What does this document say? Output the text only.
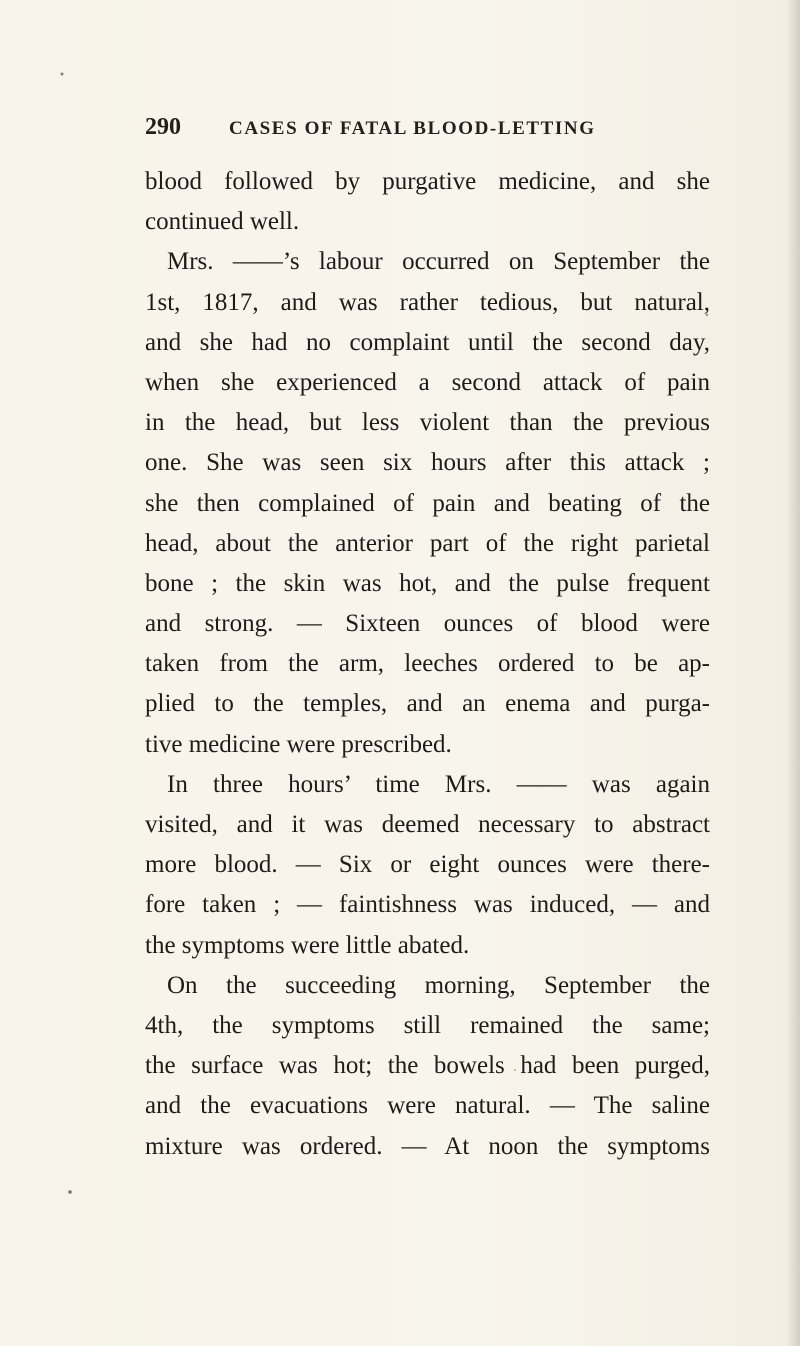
290	CASES OF FATAL BLOOD-LETTING
blood followed by purgative medicine, and she
continued well.
Mrs. ——’s labour occurred on September the
1st, 1817, and was rather tedious, but natural,
and she had no complaint until the second day,
when she experienced a second attack of pain
in the head, but less violent than the previous
one. She was seen six hours after this attack ;
she then complained of pain and beating of the
head, about the anterior part of the right parietal
bone ; the skin was hot, and the pulse frequent
and strong. — Sixteen ounces of blood were
taken from the arm, leeches ordered to be ap-
plied to the temples, and an enema and purga-
tive medicine were prescribed.
In three hours’ time Mrs. —— was again
visited, and it was deemed necessary to abstract
more blood. — Six or eight ounces were there-
fore taken ; — faintishness was induced, — and
the symptoms were little abated.
On the succeeding morning, September the
4th, the symptoms still remained the same;
the surface was hot; the bowels had been purged,
and the evacuations were natural. — The saline
mixture was ordered. — At noon the symptoms
